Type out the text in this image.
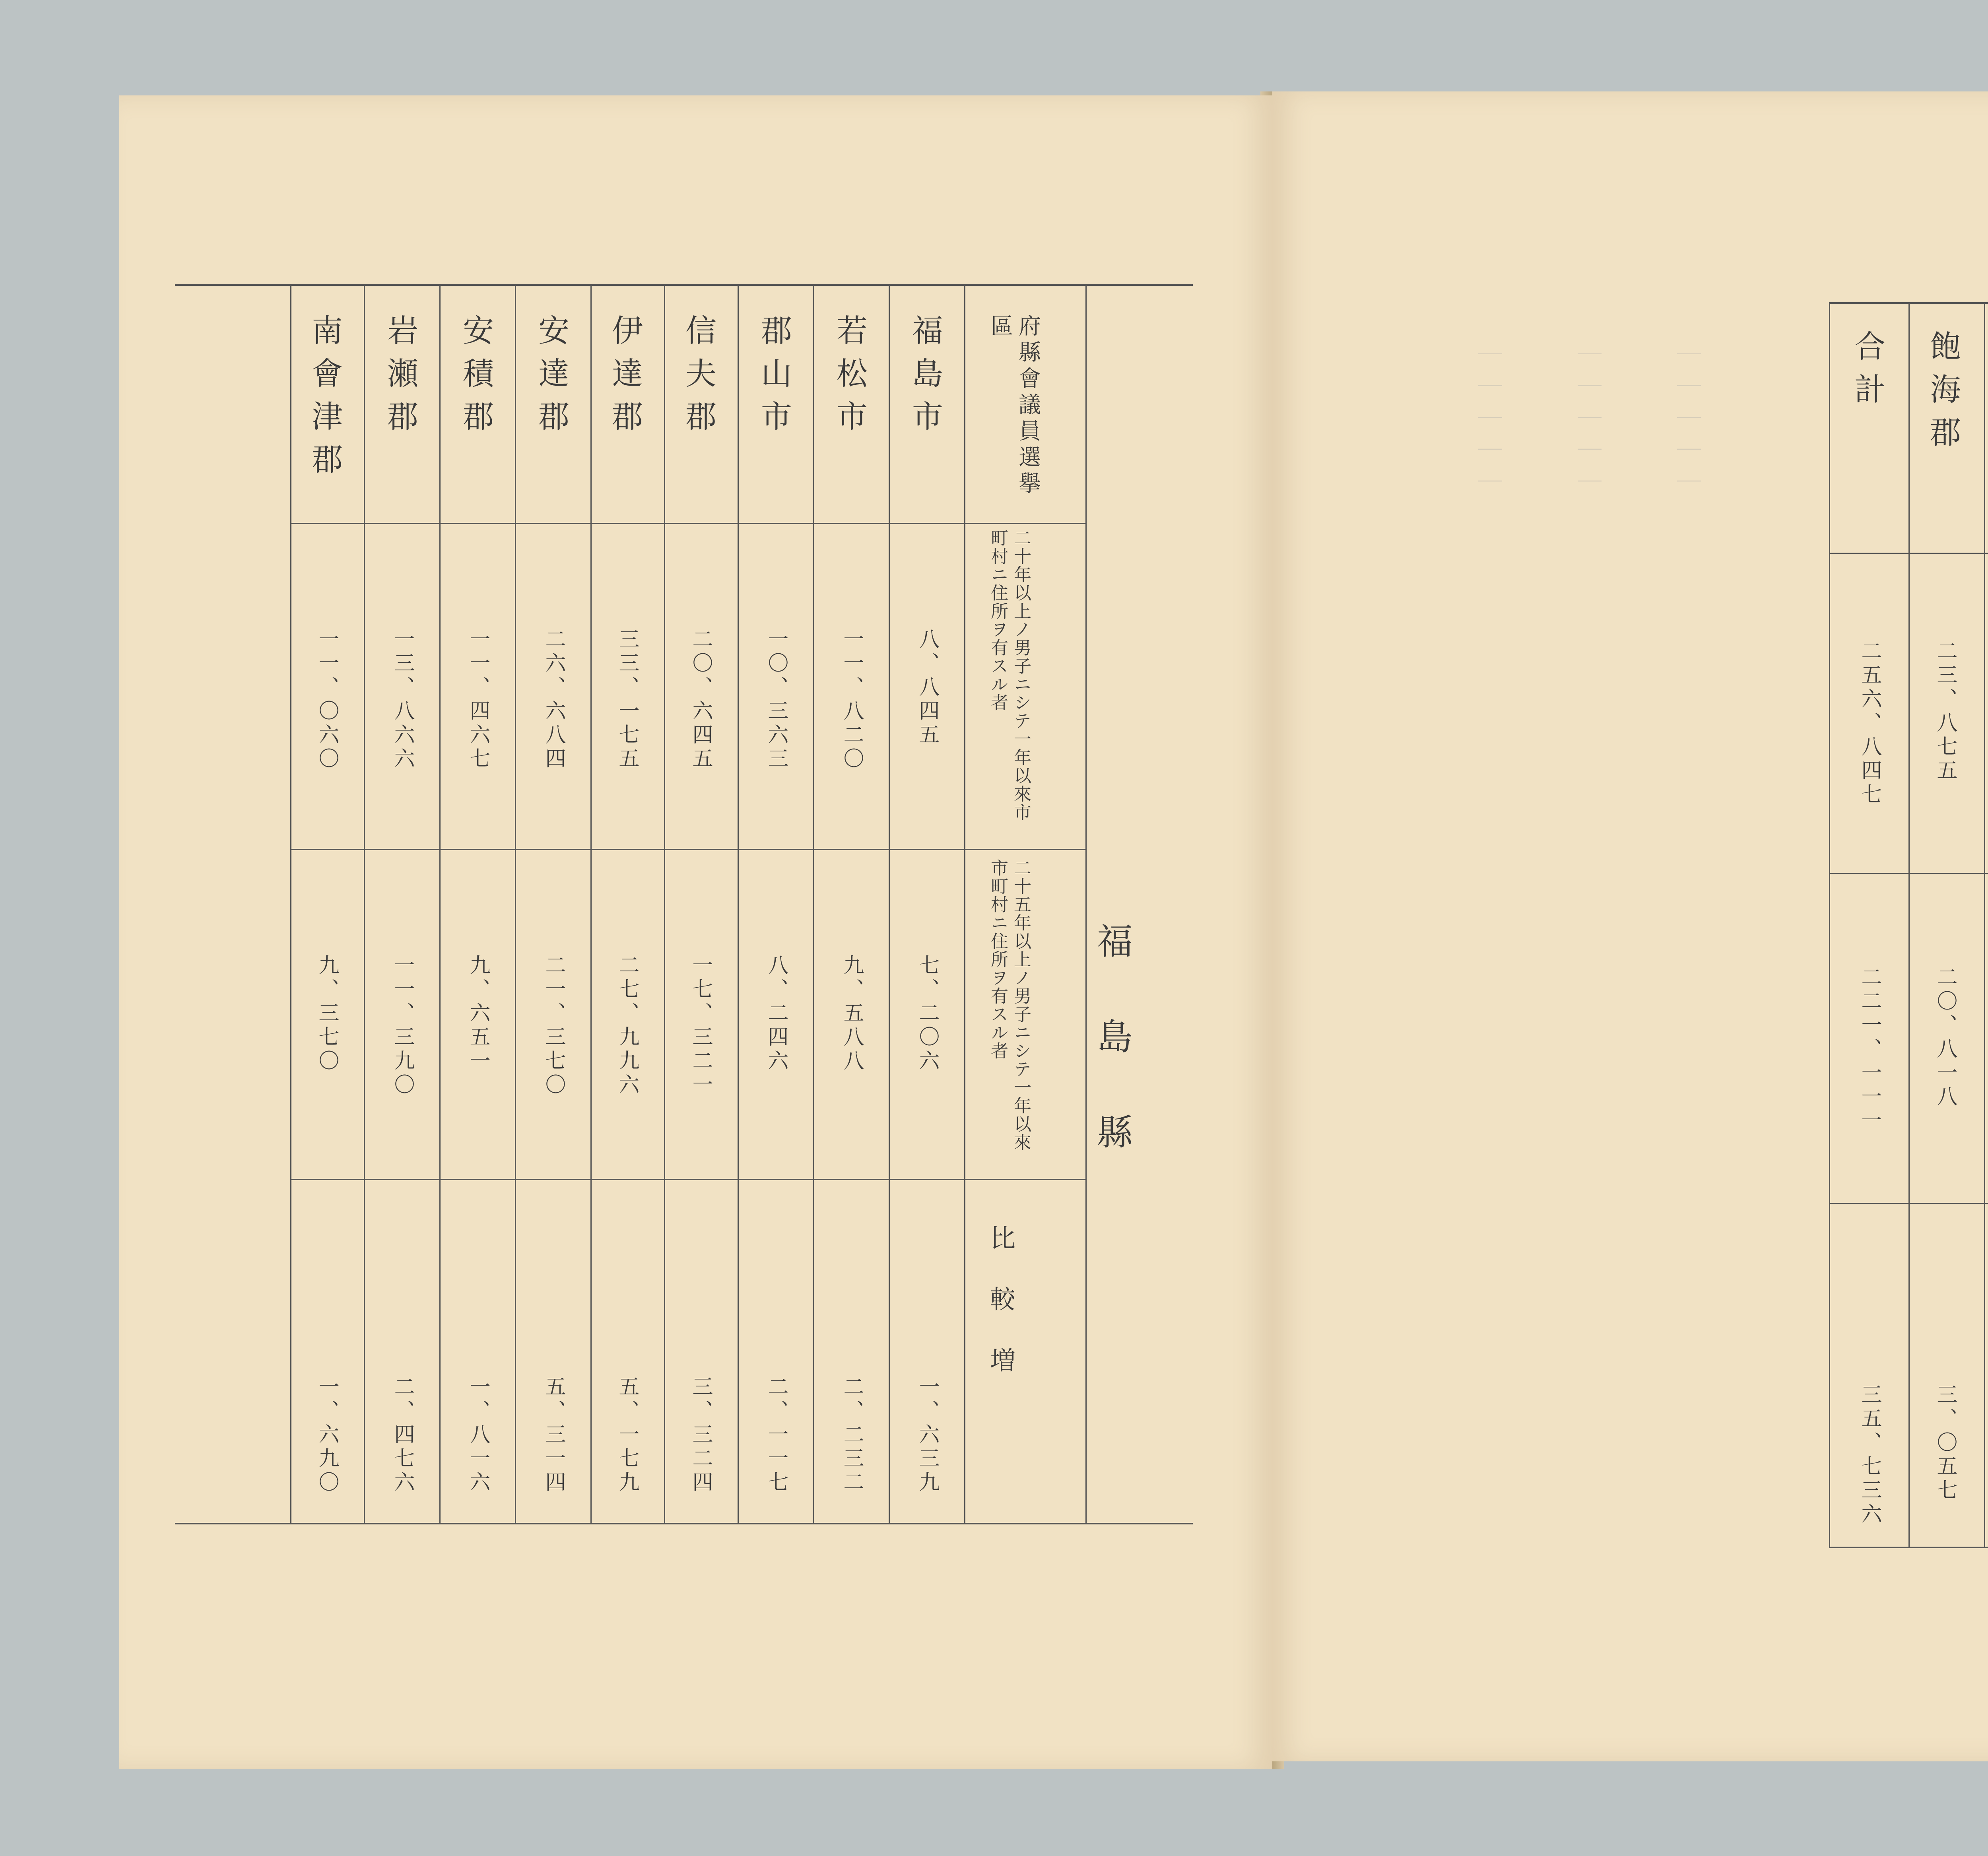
福島縣
府縣會議員選擧區
二十年以上ノ男子ニシテ一年以來市町村ニ住所ヲ有スル者
二十五年以上ノ男子ニシテ一年以來市町村ニ住所ヲ有スル者
比較増
福島市
八、八四五
七、二〇六
一、六三九
若松市
一一、八二〇
九、五八八
二、二三二
郡山市
一〇、三六三
八、二四六
二、一一七
信夫郡
二〇、六四五
一七、三二一
三、三二四
伊達郡
三三、一七五
二七、九九六
五、一七九
安達郡
二六、六八四
二一、三七〇
五、三一四
安積郡
一一、四六七
九、六五一
一、八一六
岩瀬郡
一三、八六六
一一、三九〇
二、四七六
南會津郡
一一、〇六〇
九、三七〇
一、六九〇
飽海郡
二三、八七五
二〇、八一八
三、〇五七
合計
二五六、八四七
二二一、一一一
三五、七三六
｜｜｜｜｜	｜｜｜｜｜	｜｜｜｜｜
